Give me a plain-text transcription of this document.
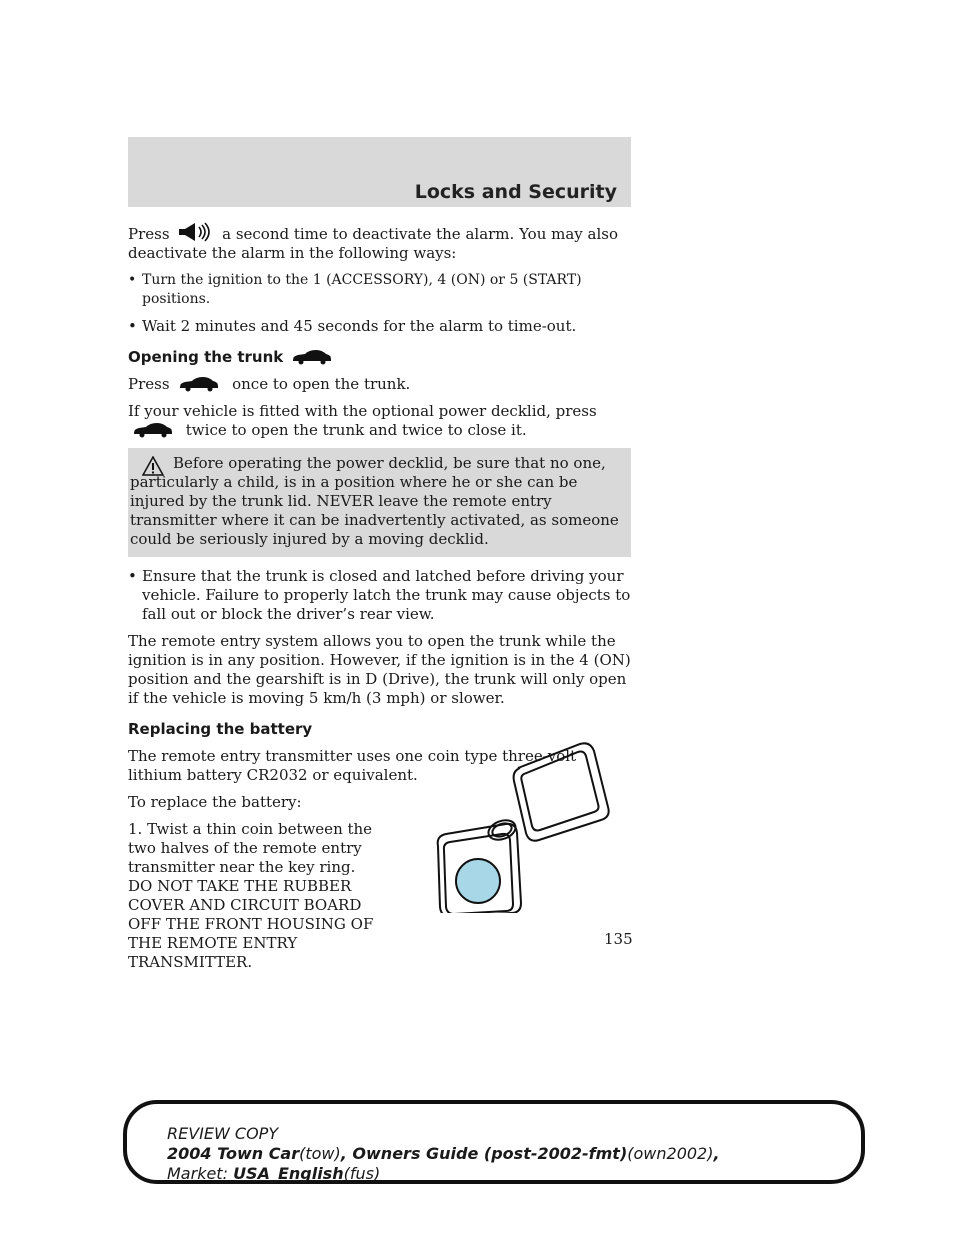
Locks and Security

Press	a second time to deactivate the alarm. You may also deactivate the alarm in the following ways:

• Turn the ignition to the 1 (ACCESSORY), 4 (ON) or 5 (START) positions.
• Wait 2 minutes and 45 seconds for the alarm to time-out.
Opening the trunk

Press	once to open the trunk.

If your vehicle is fitted with the optional power decklid, press  twice to open the trunk and twice to close it.

Before operating the power decklid, be sure that no one, particularly a child, is in a position where he or she can be injured by the trunk lid. NEVER leave the remote entry transmitter where it can be inadvertently activated, as someone could be seriously injured by a moving decklid.
• Ensure that the trunk is closed and latched before driving your vehicle. Failure to properly latch the trunk may cause objects to fall out or block the driver’s rear view.

The remote entry system allows you to open the trunk while the ignition is in any position. However, if the ignition is in the 4 (ON) position and the gearshift is in D (Drive), the trunk will only open if the vehicle is moving 5 km/h (3 mph) or slower.

Replacing the battery

The remote entry transmitter uses one coin type three-volt lithium battery CR2032 or equivalent.

To replace the battery:

1. Twist a thin coin between the two halves of the remote entry transmitter near the key ring. DO NOT TAKE THE RUBBER COVER AND CIRCUIT BOARD OFF THE FRONT HOUSING OF THE REMOTE ENTRY TRANSMITTER.

135
REVIEW COPY
2004 Town Car(tow), Owners Guide (post-2002-fmt)(own2002),
Market: USA_English(fus)
